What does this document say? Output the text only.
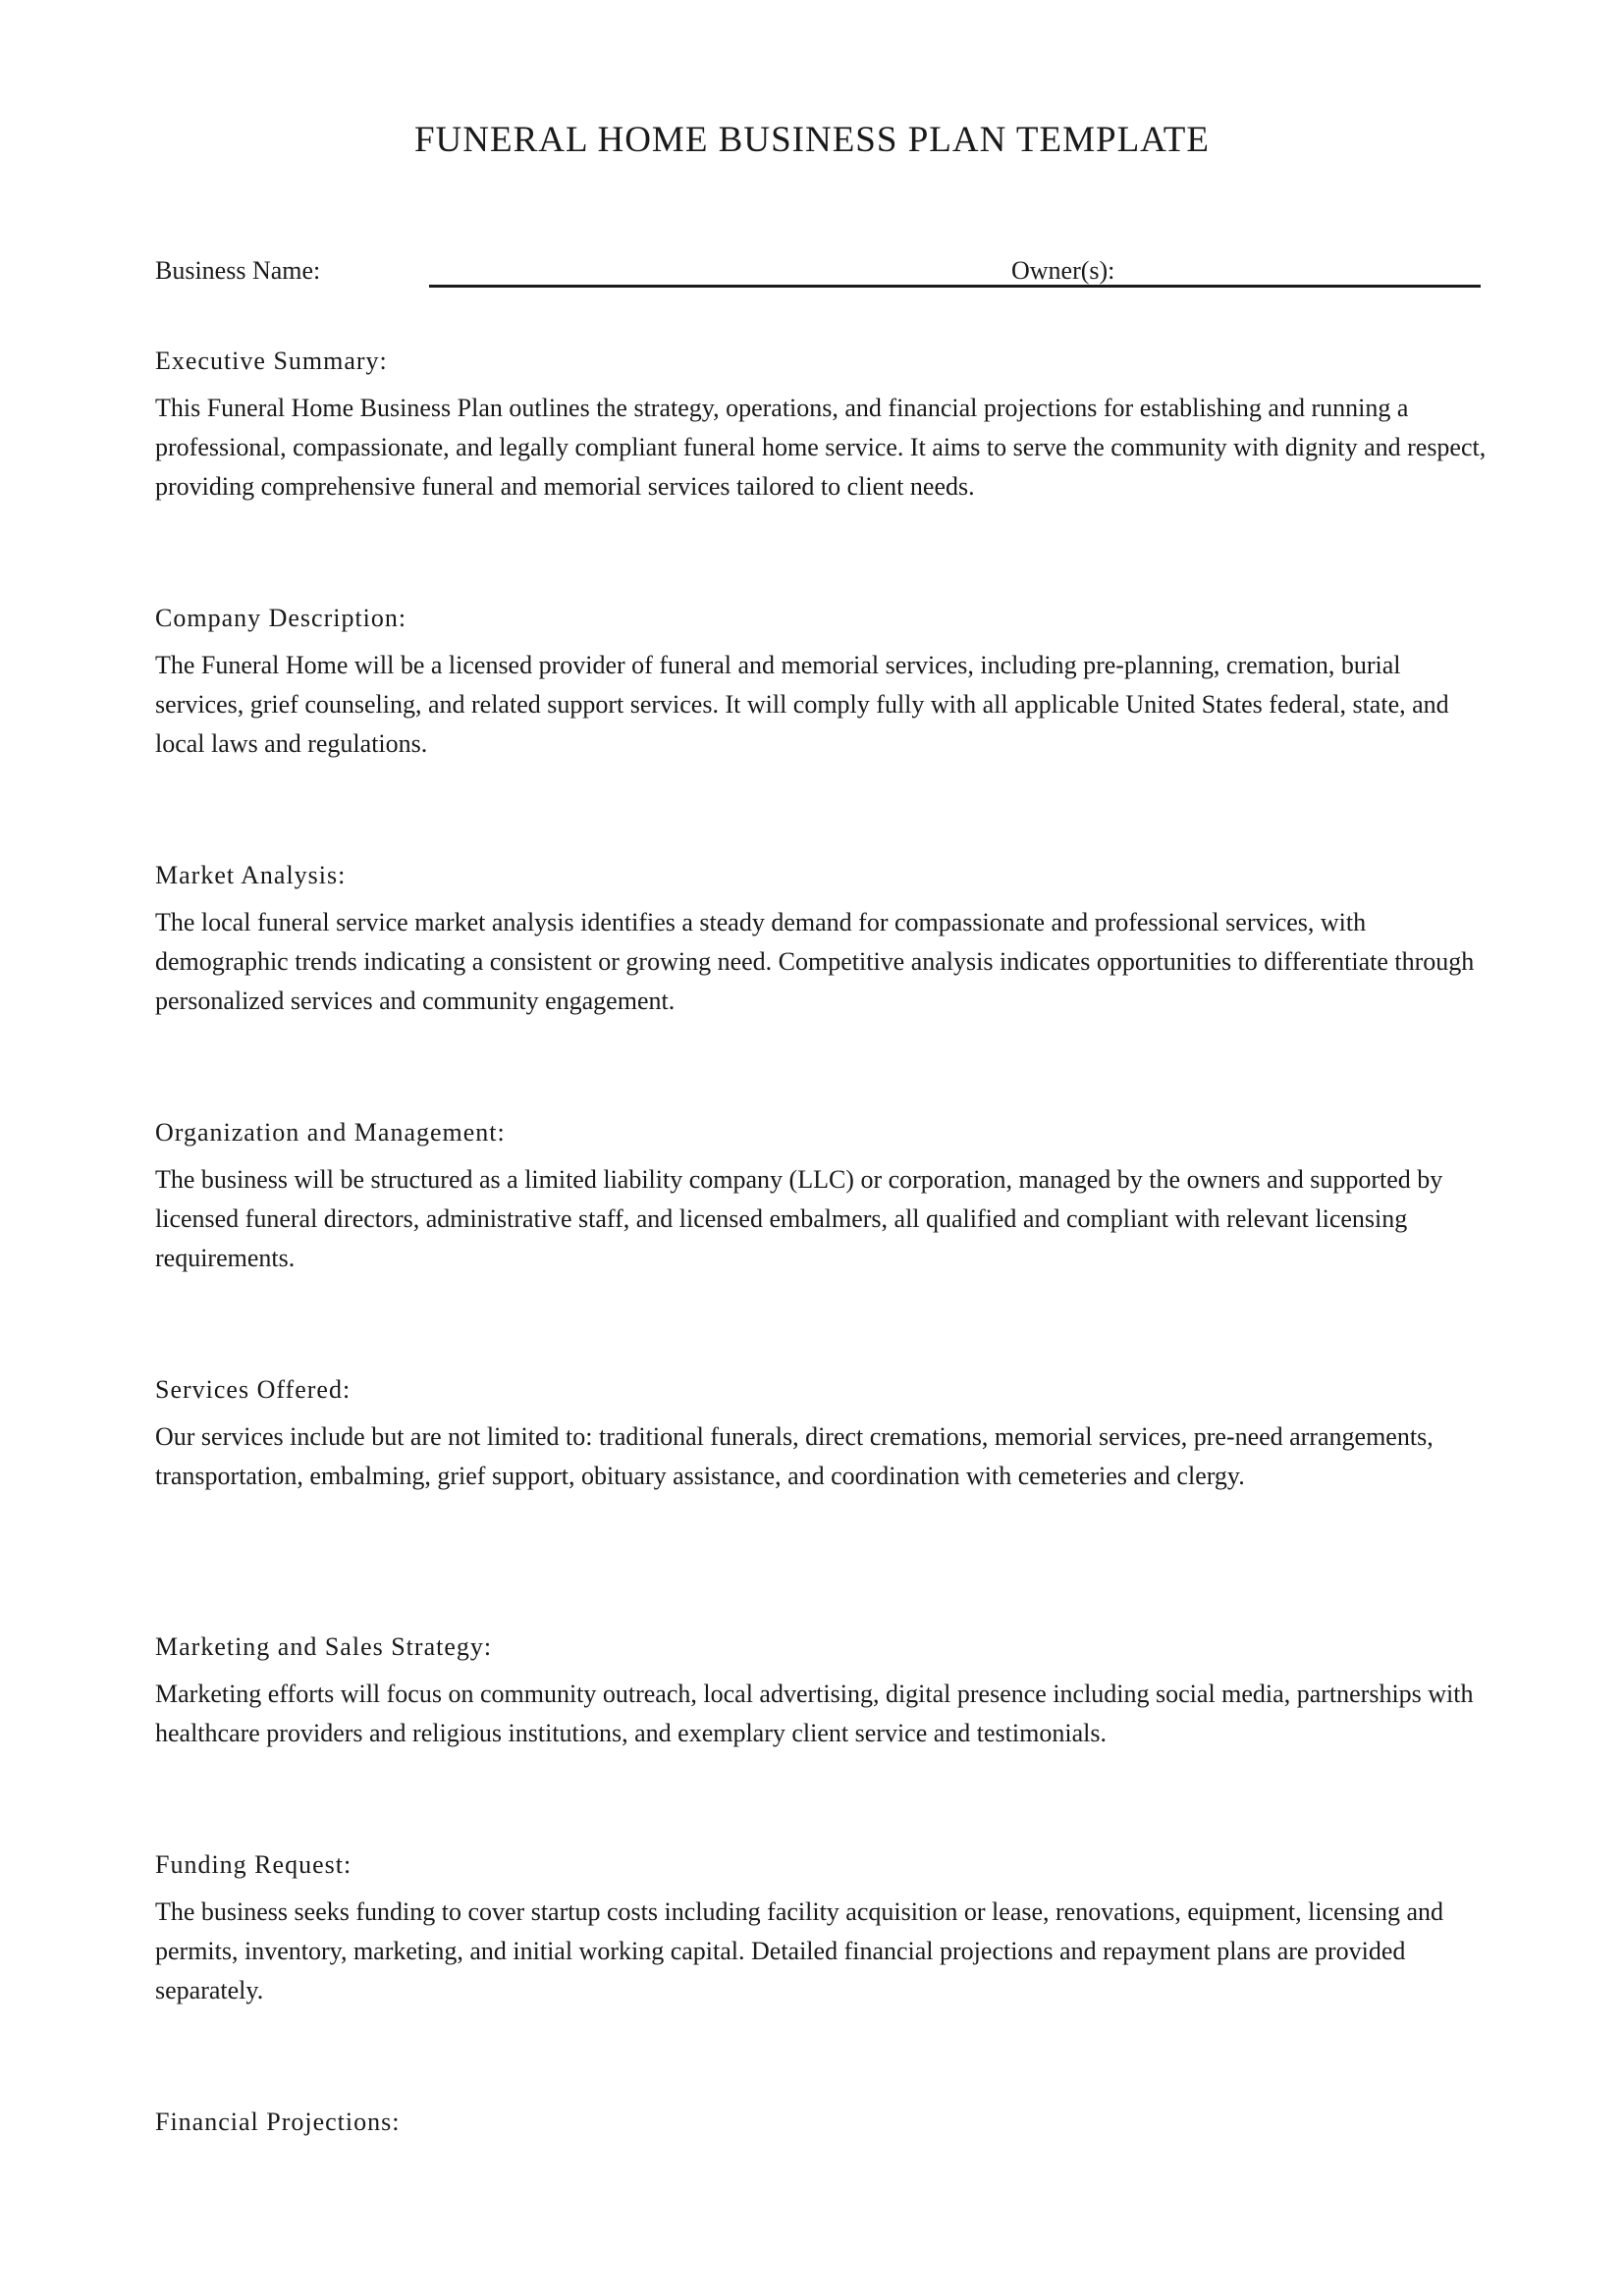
FUNERAL HOME BUSINESS PLAN TEMPLATE
Business Name:	Owner(s):
Executive Summary:

This Funeral Home Business Plan outlines the strategy, operations, and financial projections for establishing and running a professional, compassionate, and legally compliant funeral home service. It aims to serve the community with dignity and respect, providing comprehensive funeral and memorial services tailored to client needs.

Company Description:

The Funeral Home will be a licensed provider of funeral and memorial services, including pre-planning, cremation, burial services, grief counseling, and related support services. It will comply fully with all applicable United States federal, state, and local laws and regulations.

Market Analysis:

The local funeral service market analysis identifies a steady demand for compassionate and professional services, with demographic trends indicating a consistent or growing need. Competitive analysis indicates opportunities to differentiate through personalized services and community engagement.

Organization and Management:

The business will be structured as a limited liability company (LLC) or corporation, managed by the owners and supported by licensed funeral directors, administrative staff, and licensed embalmers, all qualified and compliant with relevant licensing requirements.

Services Offered:

Our services include but are not limited to: traditional funerals, direct cremations, memorial services, pre-need arrangements, transportation, embalming, grief support, obituary assistance, and coordination with cemeteries and clergy.

Marketing and Sales Strategy:

Marketing efforts will focus on community outreach, local advertising, digital presence including social media, partnerships with healthcare providers and religious institutions, and exemplary client service and testimonials.

Funding Request:

The business seeks funding to cover startup costs including facility acquisition or lease, renovations, equipment, licensing and permits, inventory, marketing, and initial working capital. Detailed financial projections and repayment plans are provided separately.

Financial Projections:
